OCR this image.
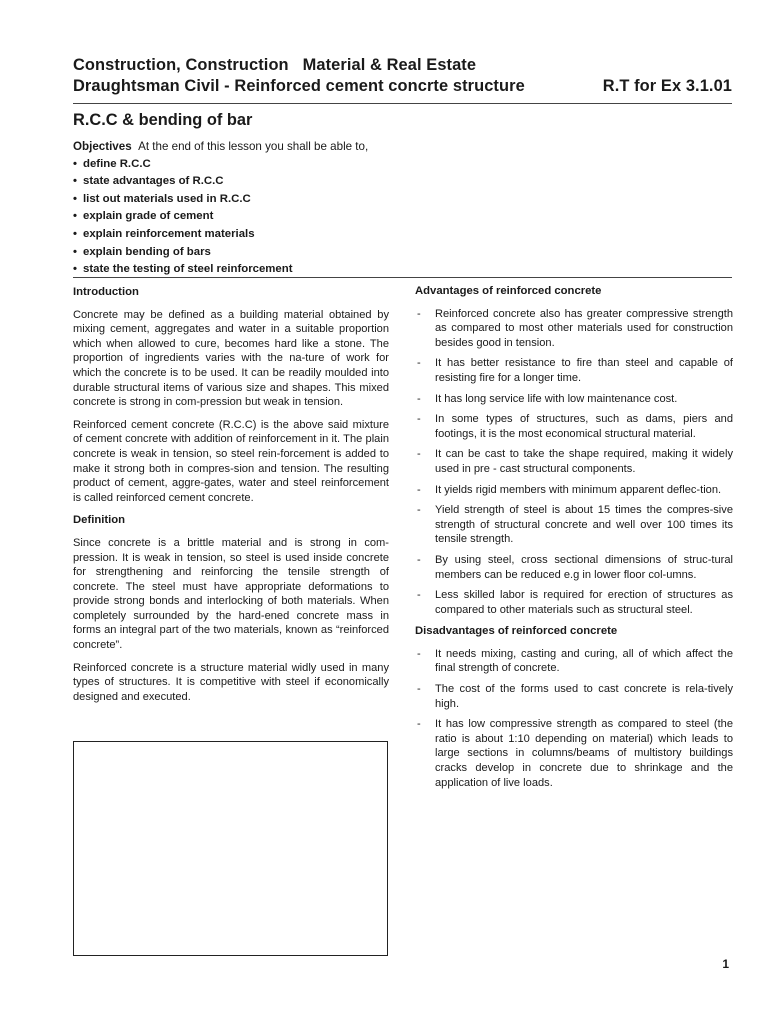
Construction, Construction   Material & Real Estate
Draughtsman Civil - Reinforced cement concrte structure	R.T for Ex 3.1.01
R.C.C & bending of bar
Objectives At the end of this lesson you shall be able to,
• define R.C.C
• state advantages of R.C.C
• list out materials used in R.C.C
• explain grade of cement
• explain reinforcement materials
• explain bending of bars
• state the testing of steel reinforcement
Introduction

Concrete may be defined as a building material obtained by mixing cement, aggregates and water in a suitable proportion which when allowed to cure, becomes hard like a stone. The proportion of ingredients varies with the na-ture of work for which the concrete is to be used. It can be readily moulded into durable structural items of various size and shapes. This mixed concrete is strong in com-pression but weak in tension.

Reinforced cement concrete (R.C.C) is the above said mixture of cement concrete with addition of reinforcement in it. The plain concrete is weak in tension, so steel rein-forcement is added to make it strong both in compres-sion and tension. The resulting product of cement, aggre-gates, water and steel reinforcement is called reinforced cement concrete.

Definition

Since concrete is a brittle material and is strong in com-pression. It is weak in tension, so steel is used inside concrete for strengthening and reinforcing the tensile strength of concrete. The steel must have appropriate deformations to provide strong bonds and interlocking of both materials. When completely surrounded by the hard-ened concrete mass in forms an integral part of the two materials, known as “reinforced concrete”.

Reinforced concrete is a structure material widly used in many types of structures. It is competitive with steel if economically designed and executed.

Advantages of reinforced concrete
- Reinforced concrete also has greater compressive strength as compared to most other materials used for construction besides good in tension.
- It has better resistance to fire than steel and capable of resisting fire for a longer time.
- It has long service life with low maintenance cost.
- In some types of structures, such as dams, piers and footings, it is the most economical structural material.
- It can be cast to take the shape required, making it widely used in pre - cast structural components.
- It yields rigid members with minimum apparent deflec-tion.
- Yield strength of steel is about 15 times the compres-sive strength of structural concrete and well over 100 times its tensile strength.
- By using steel, cross sectional dimensions of struc-tural members can be reduced e.g in lower floor col-umns.
- Less skilled labor is required for erection of structures as compared to other materials such as structural steel.
Disadvantages of reinforced concrete
- It needs mixing, casting and curing, all of which affect the final strength of concrete.
- The cost of the forms used to cast concrete is rela-tively high.
- It has low compressive strength as compared to steel (the ratio is about 1:10 depending on material) which leads to large sections in columns/beams of multistory buildings cracks develop in concrete due to shrinkage and the application of live loads.
1
